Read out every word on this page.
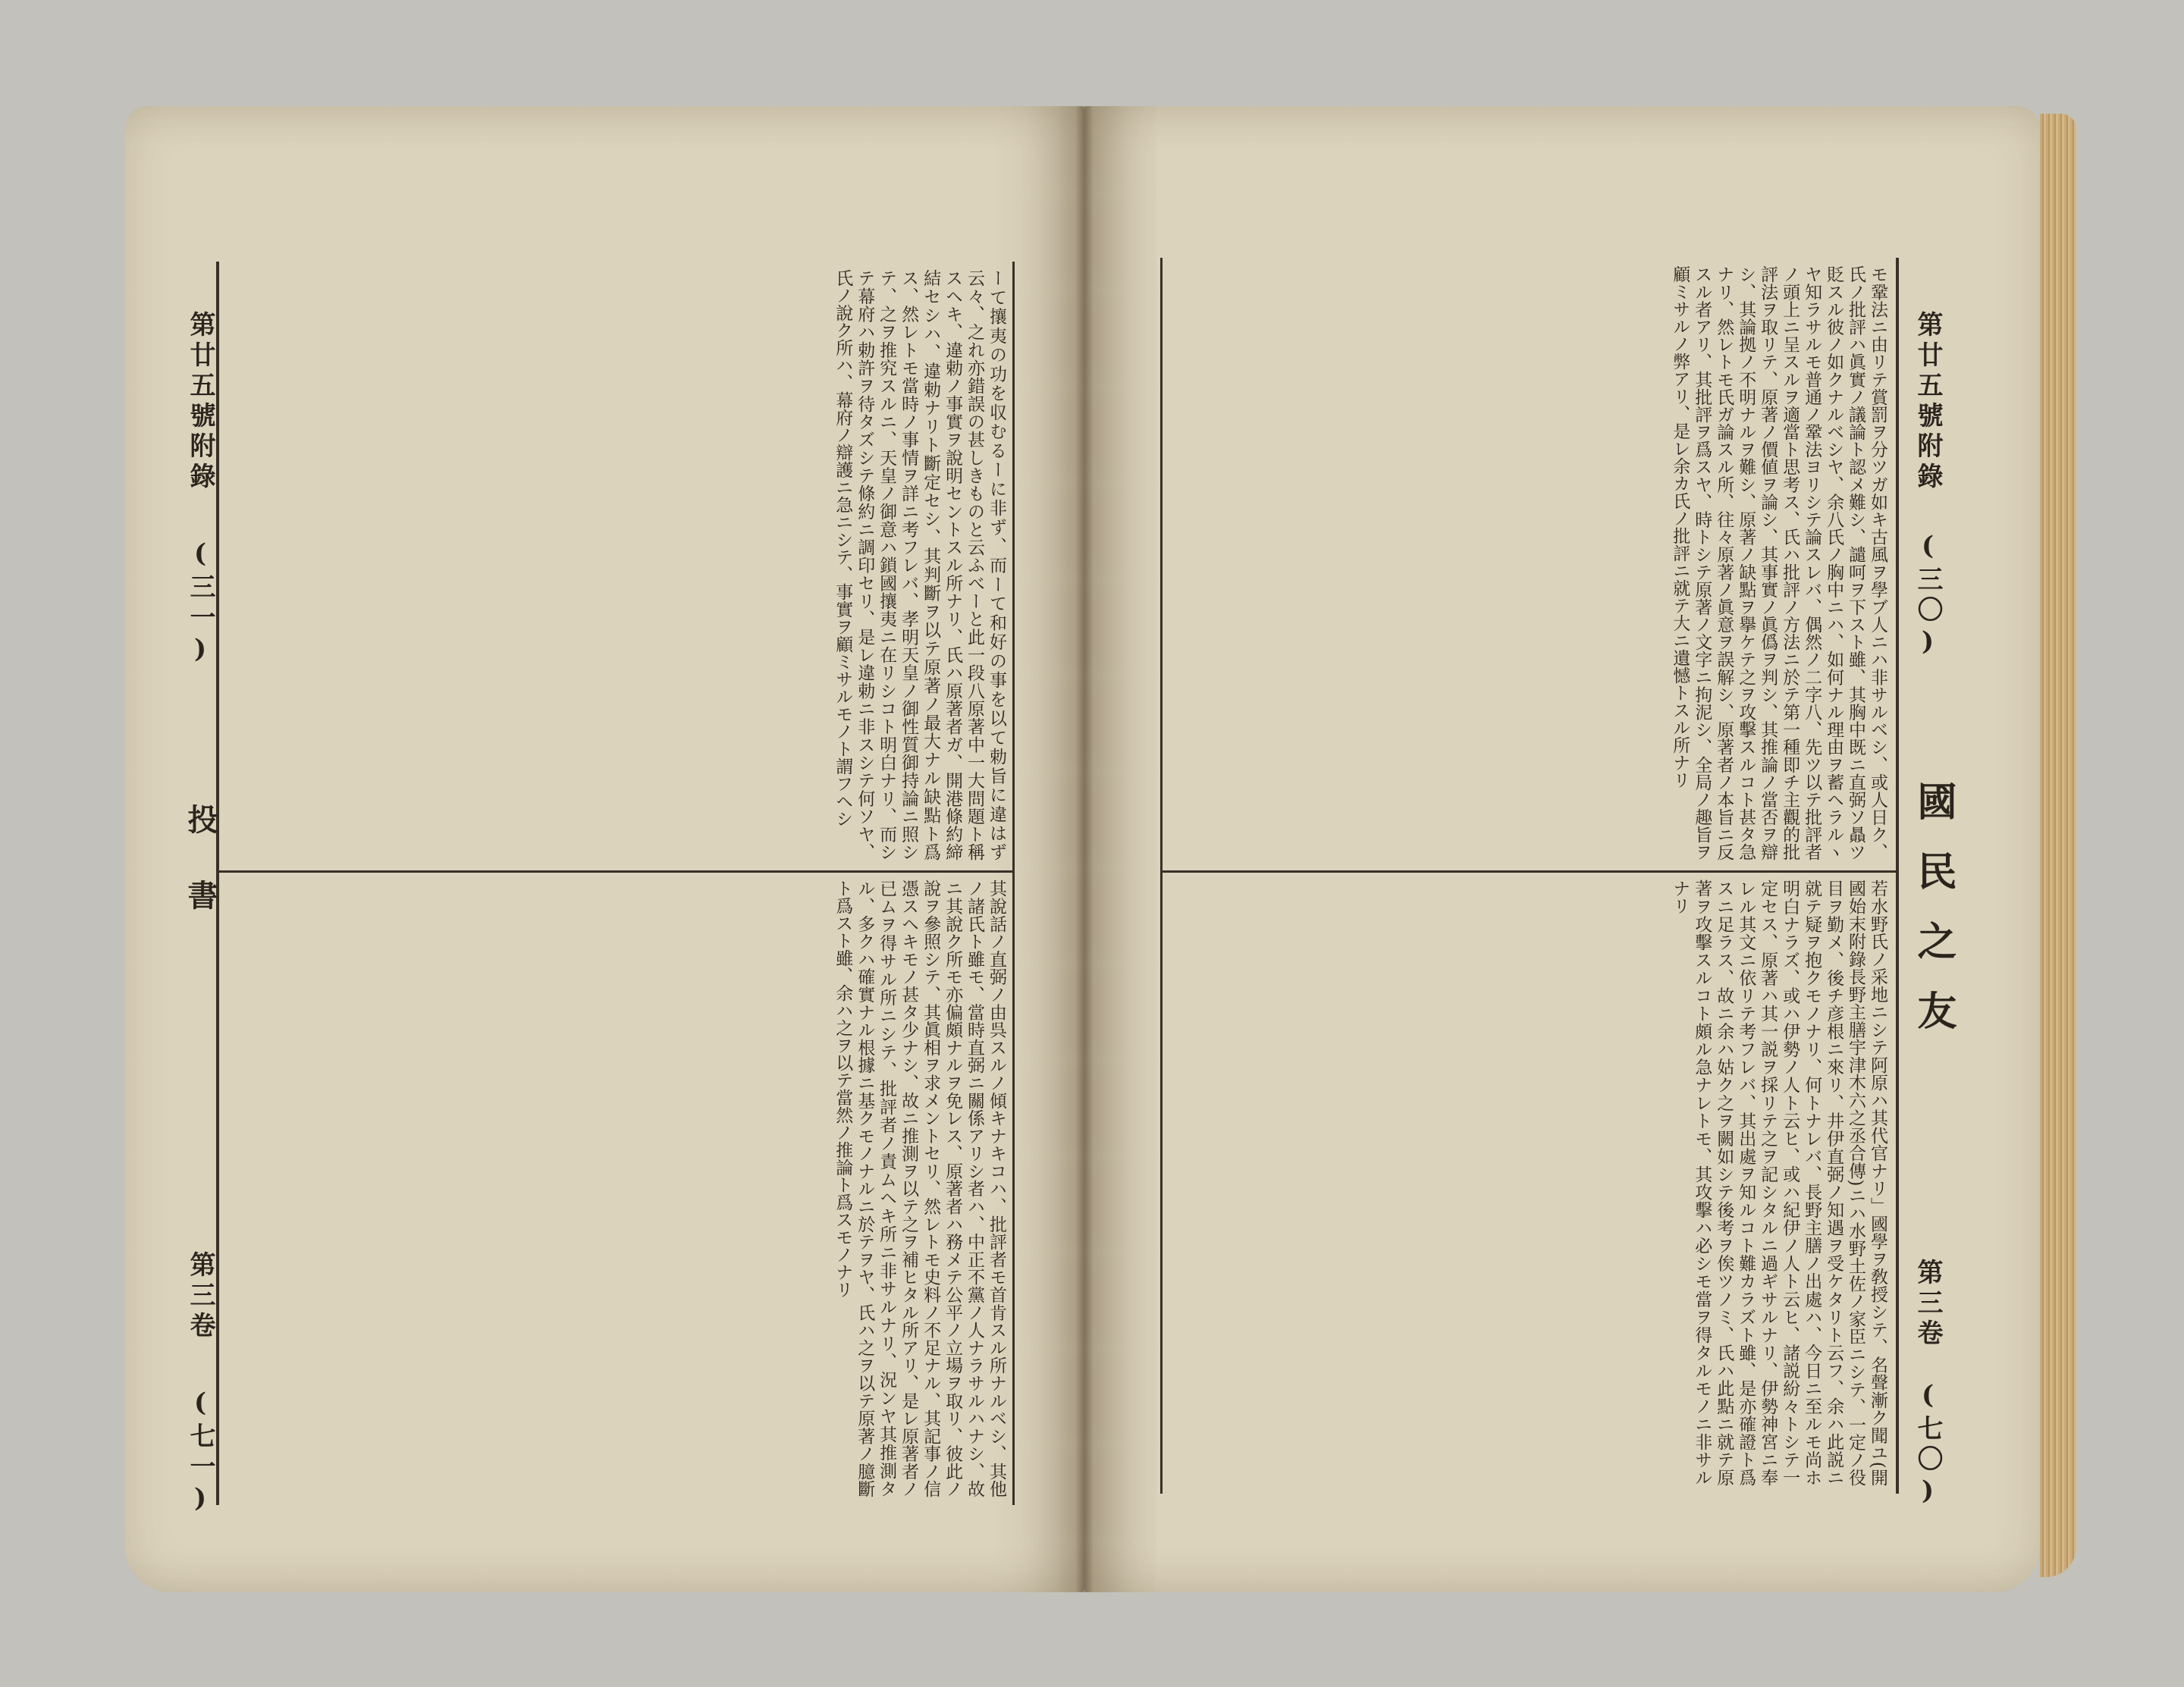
第廿五號附錄
(三〇)
國民之友
第三卷
(七〇)
モ鞏法ニ由リテ賞罰ヲ分ツガ如キ古風ヲ學ブ人ニハ非サルベシ、或人日ク、氏ノ批評ハ眞實ノ議論ト認メ難シ、譴呵ヲ下スト雖、其胸中既ニ直弼ソ贔ツ貶スル彼ノ如クナルベシヤ、余八氏ノ胸中ニハ、如何ナル理由ヲ蓄ヘラルヽヤ知ラサルモ普通ノ鞏法ヨリシテ論スレバ、偶然ノ二字八、先ツ以テ批評者ノ頭上ニ呈スルヲ適當ト思考ス、氏ハ批評ノ方法ニ於テ第一種即チ主觀的批評法ヲ取リテ、原著ノ價値ヲ論シ、其事實ノ眞僞ヲ判シ、其推論ノ當否ヲ辯シ、其論拠ノ不明ナルヲ難シ、原著ノ缺點ヲ擧ケテ之ヲ攻擊スルコト甚タ急ナリ、然レトモ氏ガ論スル所、往々原著ノ眞意ヲ誤解シ、原著者ノ本旨ニ反スル者アリ、其批評ヲ爲スヤ、時トシテ原著ノ文字ニ拘泥シ、全局ノ趣旨ヲ顧ミサルノ弊アリ、是レ余カ氏ノ批評ニ就テ大ニ遺憾トスル所ナリ
若水野氏ノ采地ニシテ阿原ハ其代官ナリ」國學ヲ敎授シテ、名聲漸ク聞ユ(開國始末附錄長野主膳宇津木六之丞合傳)ニハ水野土佐ノ家臣ニシテ、一定ノ役目ヲ勤メ、後チ彦根ニ來リ、井伊直弼ノ知遇ヲ受ケタリト云フ、余ハ此説ニ就テ疑ヲ抱クモノナリ、何トナレバ、長野主膳ノ出處ハ、今日ニ至ルモ尚ホ明白ナラズ、或ハ伊勢ノ人ト云ヒ、或ハ紀伊ノ人ト云ヒ、諸説紛々トシテ一定セス、原著ハ其一説ヲ採リテ之ヲ記シタルニ過ギサルナリ、伊勢神宮ニ奉レル其文ニ依リテ考フレバ、其出處ヲ知ルコト難カラズト雖、是亦確證ト爲スニ足ラス、故ニ余ハ姑ク之ヲ闕如シテ後考ヲ俟ツノミ、氏ハ此點ニ就テ原著ヲ攻擊スルコト頗ル急ナレトモ、其攻擊ハ必シモ當ヲ得タルモノニ非サルナリ
第廿五號附錄
(三一)
投書
第三卷
(七一)
ーて攘夷の功を収むるーに非ず、而ーて和好の事を以て勅旨に違はず云々、之れ亦錯誤の甚しきものと云ふべーと此一段八原著中一大問題ト稱スヘキ、違勅ノ事實ヲ說明セントスル所ナリ、氏ハ原著者ガ、開港條約締結セシハ、違勅ナリト斷定セシ、其判斷ヲ以テ原著ノ最大ナル缺點ト爲ス、然レトモ當時ノ事情ヲ詳ニ考フレバ、孝明天皇ノ御性質御持論ニ照シテ、之ヲ推究スルニ、天皇ノ御意ハ鎖國攘夷ニ在リシコト明白ナリ、而シテ幕府ハ勅許ヲ待タズシテ條約ニ調印セリ、是レ違勅ニ非スシテ何ソヤ、氏ノ說ク所ハ、幕府ノ辯護ニ急ニシテ、事實ヲ顧ミサルモノト謂フヘシ
其說話ノ直弼ノ由呉スルノ傾キナキコハ、批評者モ首肯スル所ナルベシ、其他ノ諸氏ト雖モ、當時直弼ニ關係アリシ者ハ、中正不黨ノ人ナラサルハナシ、故ニ其說ク所モ亦偏頗ナルヲ免レス、原著者ハ務メテ公平ノ立場ヲ取リ、彼此ノ說ヲ參照シテ、其眞相ヲ求メントセリ、然レトモ史料ノ不足ナル、其記事ノ信憑スヘキモノ甚タ少ナシ、故ニ推測ヲ以テ之ヲ補ヒタル所アリ、是レ原著者ノ已ムヲ得サル所ニシテ、批評者ノ責ムヘキ所ニ非サルナリ、況ンヤ其推測タル、多クハ確實ナル根據ニ基クモノナルニ於テヲヤ、氏ハ之ヲ以テ原著ノ臆斷ト爲スト雖、余ハ之ヲ以テ當然ノ推論ト爲スモノナリ
